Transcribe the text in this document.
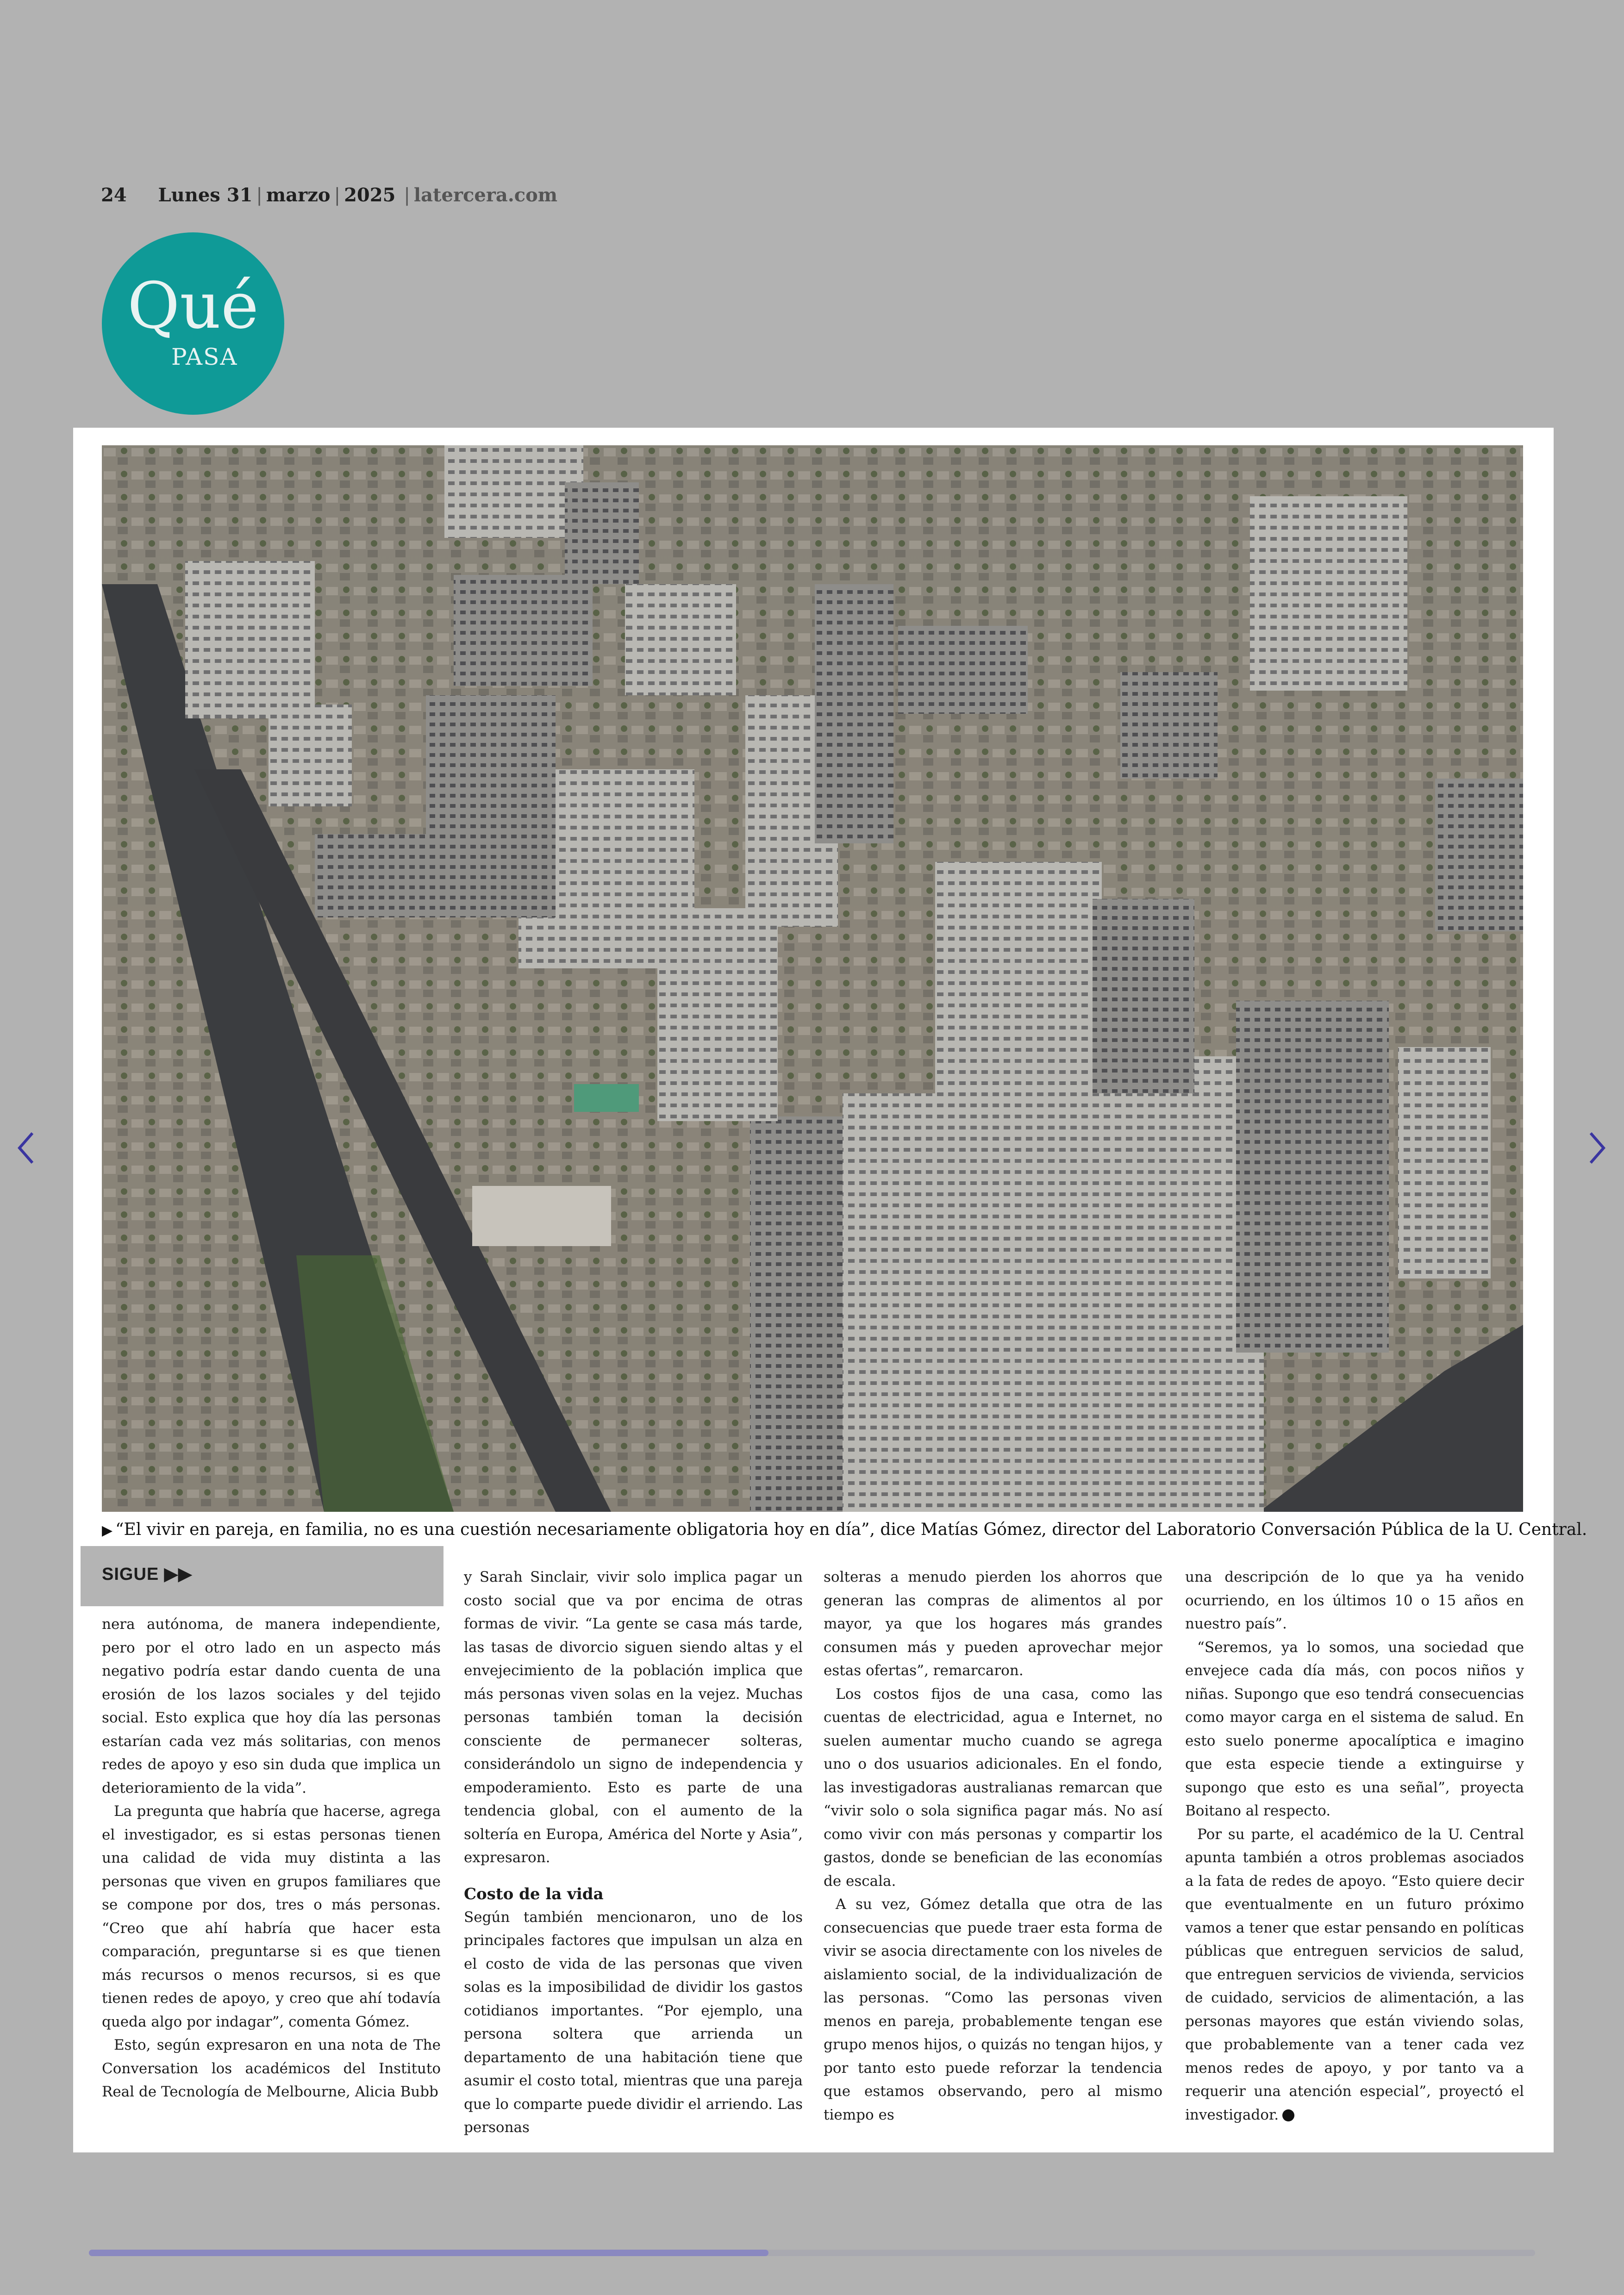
24 Lunes 31 | marzo | 2025 | latercera.com
Qué
PASA
▶ “El vivir en pareja, en familia, no es una cuestión necesariamente obligatoria hoy en día”, dice Matías Gómez, director del Laboratorio Conversación Pública de la U. Central.
SIGUE ▶▶

nera autónoma, de manera independiente, pero por el otro lado en un aspecto más negativo podría estar dando cuenta de una erosión de los lazos sociales y del tejido social. Esto explica que hoy día las personas estarían cada vez más solitarias, con menos redes de apoyo y eso sin duda que implica un deterioramiento de la vida”.

La pregunta que habría que hacerse, agrega el investigador, es si estas personas tienen una calidad de vida muy distinta a las personas que viven en grupos familiares que se compone por dos, tres o más personas. “Creo que ahí habría que hacer esta comparación, preguntarse si es que tienen más recursos o menos recursos, si es que tienen redes de apoyo, y creo que ahí todavía queda algo por indagar”, comenta Gómez.

Esto, según expresaron en una nota de The Conversation los académicos del Instituto Real de Tecnología de Melbourne, Alicia Bubb

y Sarah Sinclair, vivir solo implica pagar un costo social que va por encima de otras formas de vivir. “La gente se casa más tarde, las tasas de divorcio siguen siendo altas y el envejecimiento de la población implica que más personas viven solas en la vejez. Muchas personas también toman la decisión consciente de permanecer solteras, considerándolo un signo de independencia y empoderamiento. Esto es parte de una tendencia global, con el aumento de la soltería en Europa, América del Norte y Asia”, expresaron.

Costo de la vida

Según también mencionaron, uno de los principales factores que impulsan un alza en el costo de vida de las personas que viven solas es la imposibilidad de dividir los gastos cotidianos importantes. “Por ejemplo, una persona soltera que arrienda un departamento de una habitación tiene que asumir el costo total, mientras que una pareja que lo comparte puede dividir el arriendo. Las personas

solteras a menudo pierden los ahorros que generan las compras de alimentos al por mayor, ya que los hogares más grandes consumen más y pueden aprovechar mejor estas ofertas”, remarcaron.

Los costos fijos de una casa, como las cuentas de electricidad, agua e Internet, no suelen aumentar mucho cuando se agrega uno o dos usuarios adicionales. En el fondo, las investigadoras australianas remarcan que “vivir solo o sola significa pagar más. No así como vivir con más personas y compartir los gastos, donde se benefician de las economías de escala.

A su vez, Gómez detalla que otra de las consecuencias que puede traer esta forma de vivir se asocia directamente con los niveles de aislamiento social, de la individualización de las personas. “Como las personas viven menos en pareja, probablemente tengan ese grupo menos hijos, o quizás no tengan hijos, y por tanto esto puede reforzar la tendencia que estamos observando, pero al mismo tiempo es

una descripción de lo que ya ha venido ocurriendo, en los últimos 10 o 15 años en nuestro país”.

“Seremos, ya lo somos, una sociedad que envejece cada día más, con pocos niños y niñas. Supongo que eso tendrá consecuencias como mayor carga en el sistema de salud. En esto suelo ponerme apocalíptica e imagino que esta especie tiende a extinguirse y supongo que esto es una señal”, proyecta Boitano al respecto.

Por su parte, el académico de la U. Central apunta también a otros problemas asociados a la fata de redes de apoyo. “Esto quiere decir que eventualmente en un futuro próximo vamos a tener que estar pensando en políticas públicas que entreguen servicios de salud, que entreguen servicios de vivienda, servicios de cuidado, servicios de alimentación, a las personas mayores que están viviendo solas, que probablemente van a tener cada vez menos redes de apoyo, y por tanto va a requerir una atención especial”, proyectó el investigador.
